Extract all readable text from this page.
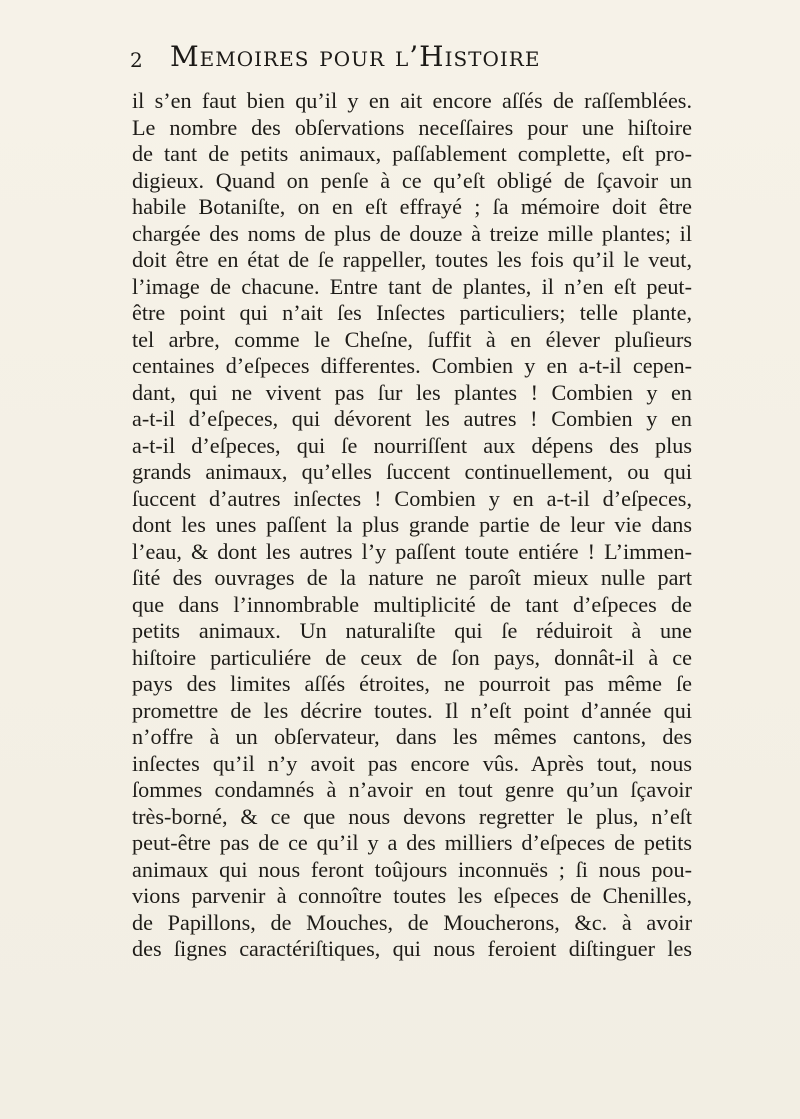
2 Memoires pour l’Histoire
il s’en faut bien qu’il y en ait encore aſſés de raſſemblées.
Le nombre des obſervations neceſſaires pour une hiſtoire
de tant de petits animaux, paſſablement complette, eſt pro-
digieux. Quand on penſe à ce qu’eſt obligé de ſçavoir un
habile Botaniſte, on en eſt effrayé ; ſa mémoire doit être
chargée des noms de plus de douze à treize mille plantes; il
doit être en état de ſe rappeller, toutes les fois qu’il le veut,
l’image de chacune. Entre tant de plantes, il n’en eſt peut-
être point qui n’ait ſes Inſectes particuliers; telle plante,
tel arbre, comme le Cheſne, ſuffit à en élever pluſieurs
centaines d’eſpeces differentes. Combien y en a-t-il cepen-
dant, qui ne vivent pas ſur les plantes ! Combien y en
a-t-il d’eſpeces, qui dévorent les autres ! Combien y en
a-t-il d’eſpeces, qui ſe nourriſſent aux dépens des plus
grands animaux, qu’elles ſuccent continuellement, ou qui
ſuccent d’autres inſectes ! Combien y en a-t-il d’eſpeces,
dont les unes paſſent la plus grande partie de leur vie dans
l’eau, & dont les autres l’y paſſent toute entiére ! L’immen-
ſité des ouvrages de la nature ne paroît mieux nulle part
que dans l’innombrable multiplicité de tant d’eſpeces de
petits animaux. Un naturaliſte qui ſe réduiroit à une
hiſtoire particuliére de ceux de ſon pays, donnât-il à ce
pays des limites aſſés étroites, ne pourroit pas même ſe
promettre de les décrire toutes. Il n’eſt point d’année qui
n’offre à un obſervateur, dans les mêmes cantons, des
inſectes qu’il n’y avoit pas encore vûs. Après tout, nous
ſommes condamnés à n’avoir en tout genre qu’un ſçavoir
très-borné, & ce que nous devons regretter le plus, n’eſt
peut-être pas de ce qu’il y a des milliers d’eſpeces de petits
animaux qui nous feront toûjours inconnuës ; ſi nous pou-
vions parvenir à connoître toutes les eſpeces de Chenilles,
de Papillons, de Mouches, de Moucherons, &c. à avoir
des ſignes caractériſtiques, qui nous feroient diſtinguer les
